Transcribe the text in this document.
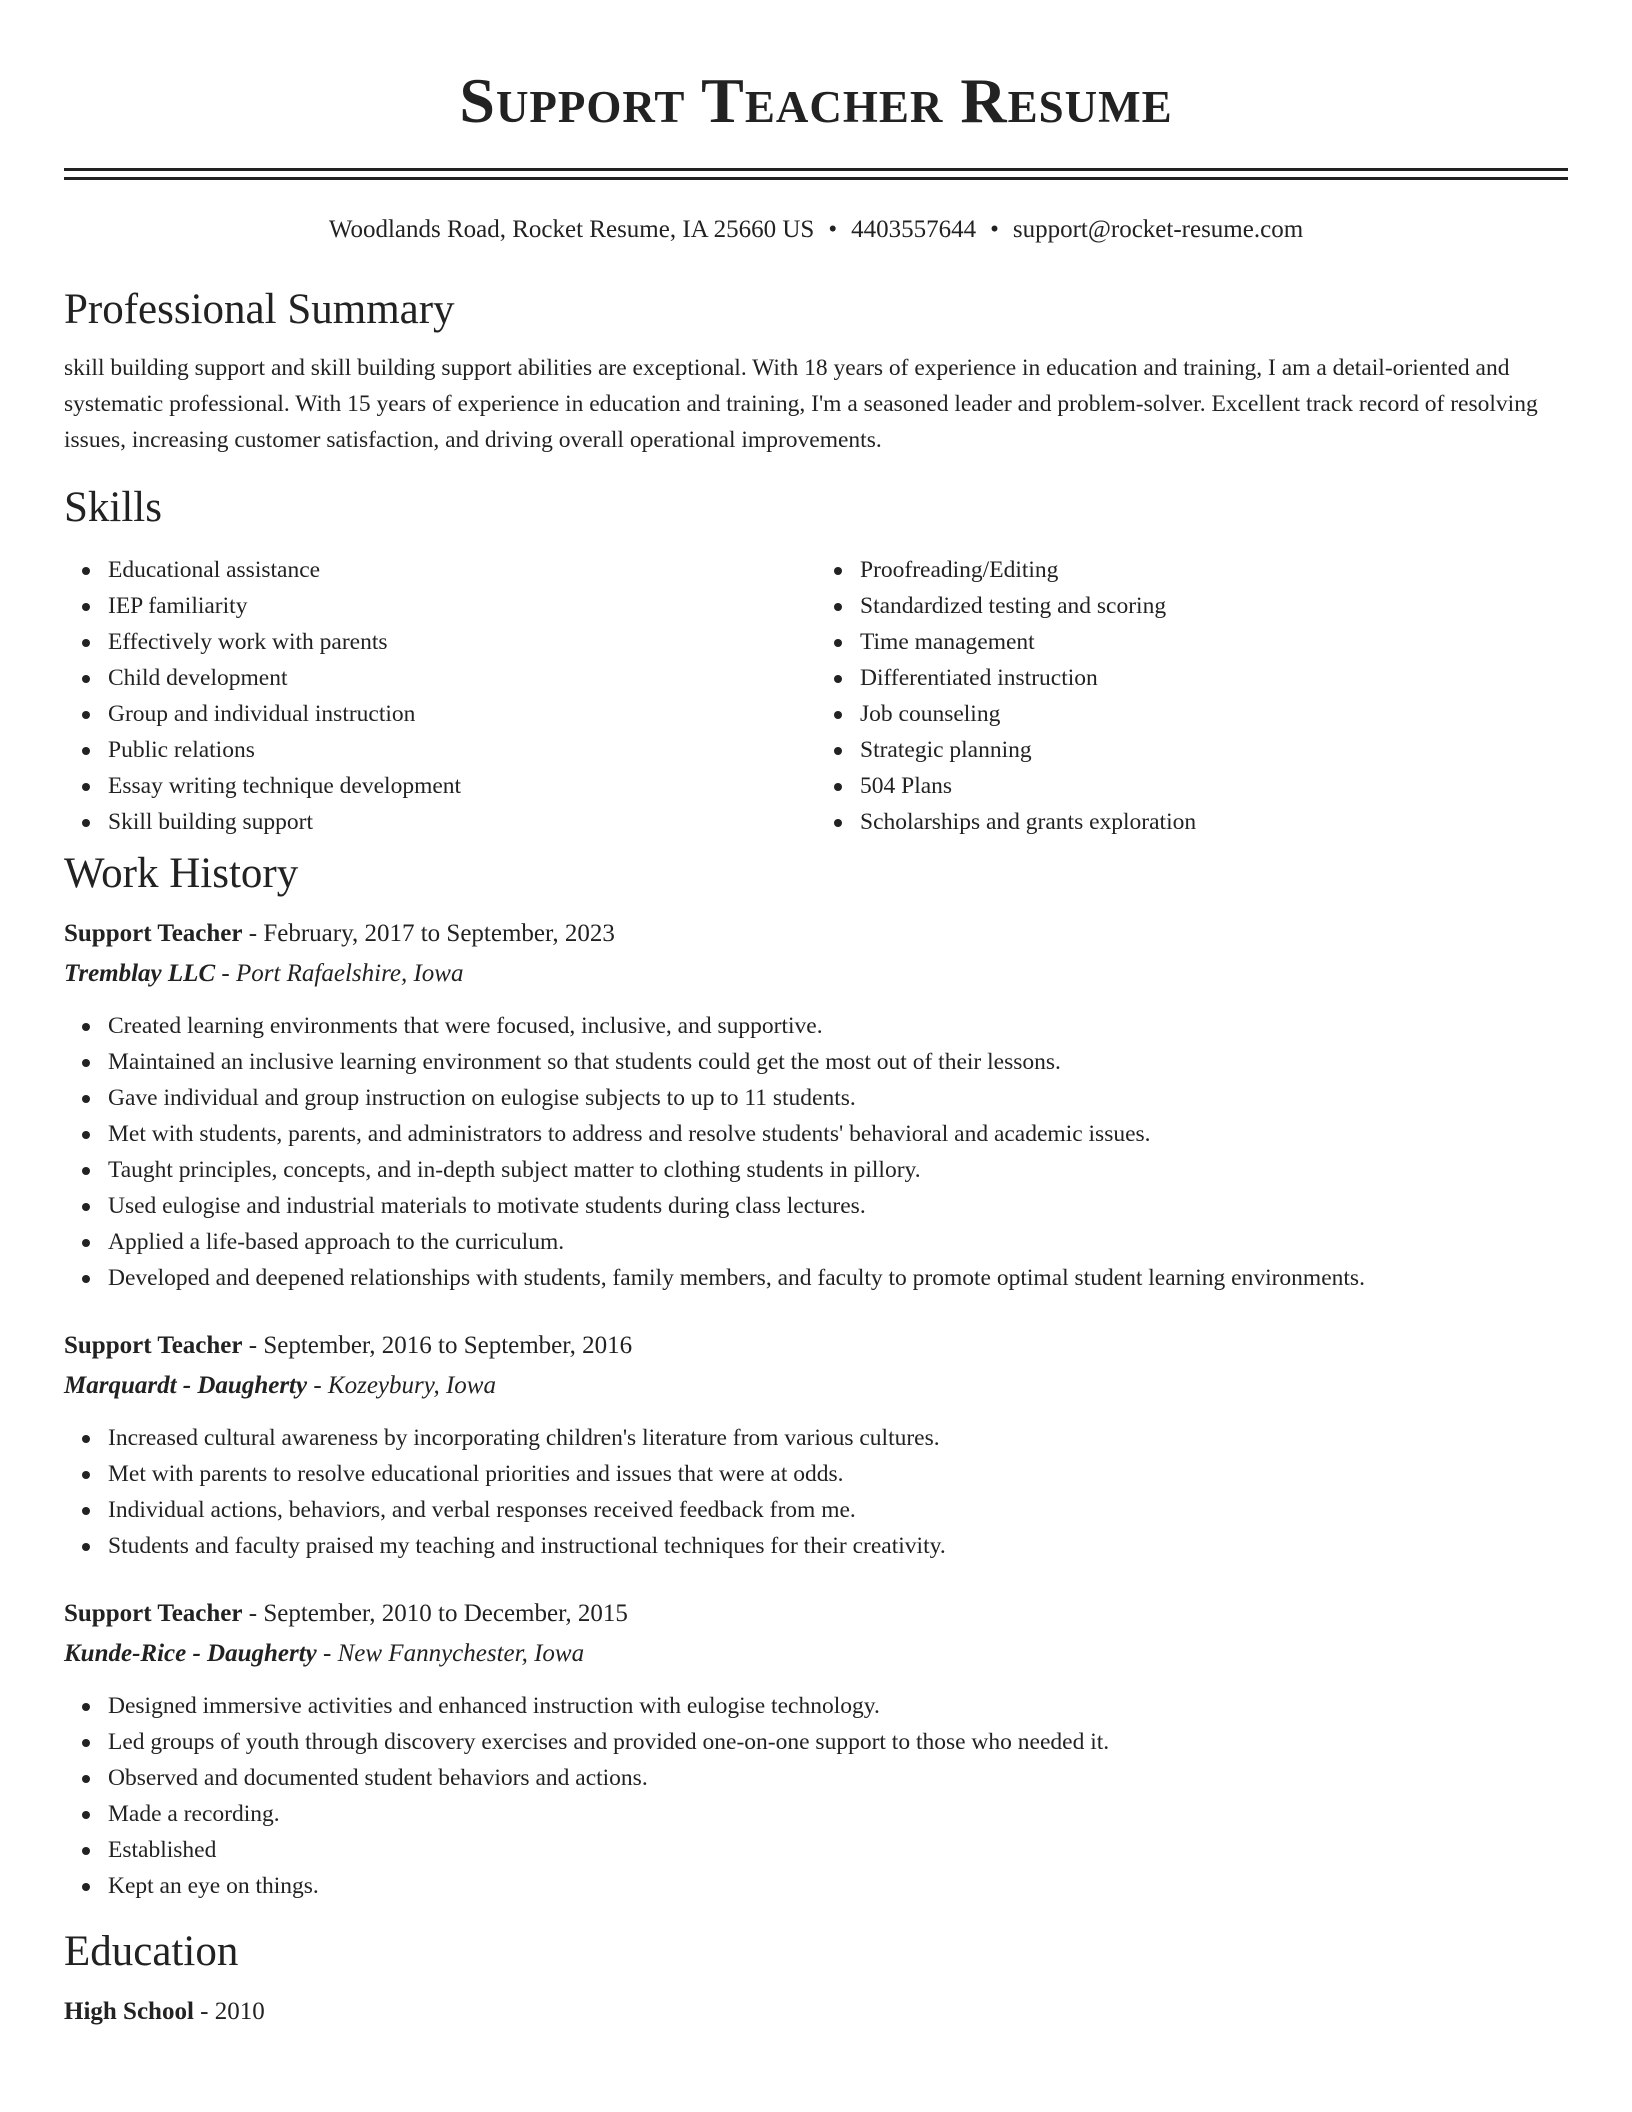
Support Teacher Resume
Woodlands Road, Rocket Resume, IA 25660 US • 4403557644 • support@rocket-resume.com
Professional Summary
skill building support and skill building support abilities are exceptional. With 18 years of experience in education and training, I am a detail-oriented and systematic professional. With 15 years of experience in education and training, I'm a seasoned leader and problem-solver. Excellent track record of resolving issues, increasing customer satisfaction, and driving overall operational improvements.
Skills
Educational assistance
IEP familiarity
Effectively work with parents
Child development
Group and individual instruction
Public relations
Essay writing technique development
Skill building support
Proofreading/Editing
Standardized testing and scoring
Time management
Differentiated instruction
Job counseling
Strategic planning
504 Plans
Scholarships and grants exploration
Work History
Support Teacher - February, 2017 to September, 2023
Tremblay LLC - Port Rafaelshire, Iowa
Created learning environments that were focused, inclusive, and supportive.
Maintained an inclusive learning environment so that students could get the most out of their lessons.
Gave individual and group instruction on eulogise subjects to up to 11 students.
Met with students, parents, and administrators to address and resolve students' behavioral and academic issues.
Taught principles, concepts, and in-depth subject matter to clothing students in pillory.
Used eulogise and industrial materials to motivate students during class lectures.
Applied a life-based approach to the curriculum.
Developed and deepened relationships with students, family members, and faculty to promote optimal student learning environments.
Support Teacher - September, 2016 to September, 2016
Marquardt - Daugherty - Kozeybury, Iowa
Increased cultural awareness by incorporating children's literature from various cultures.
Met with parents to resolve educational priorities and issues that were at odds.
Individual actions, behaviors, and verbal responses received feedback from me.
Students and faculty praised my teaching and instructional techniques for their creativity.
Support Teacher - September, 2010 to December, 2015
Kunde-Rice - Daugherty - New Fannychester, Iowa
Designed immersive activities and enhanced instruction with eulogise technology.
Led groups of youth through discovery exercises and provided one-on-one support to those who needed it.
Observed and documented student behaviors and actions.
Made a recording.
Established
Kept an eye on things.
Education
High School - 2010
